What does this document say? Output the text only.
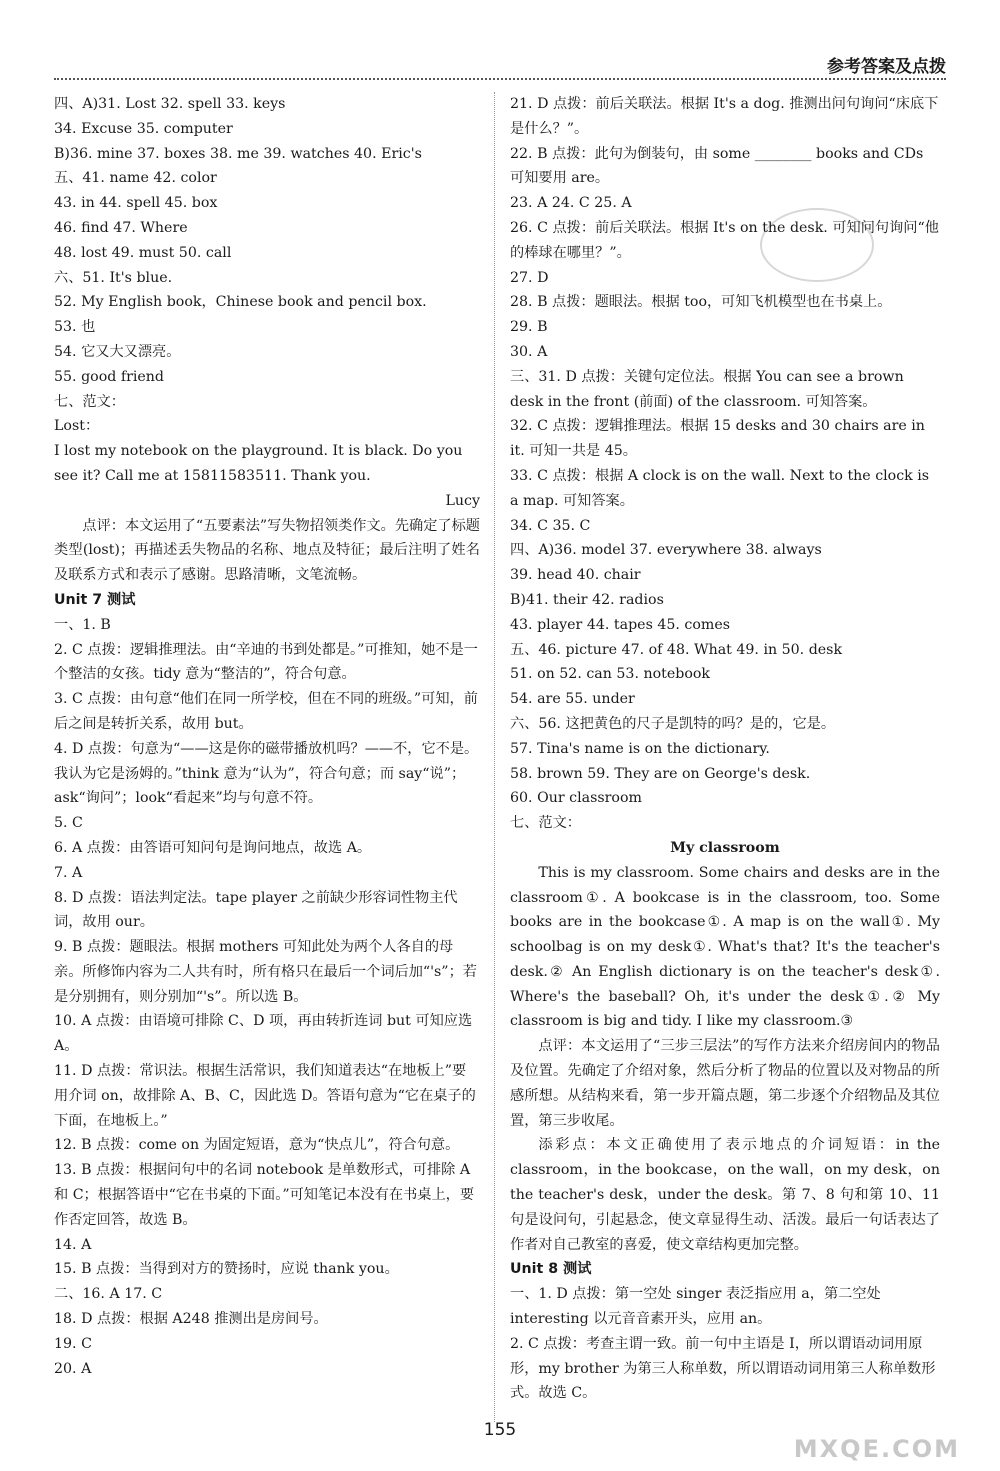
参考答案及点拨

四、A)31. Lost 32. spell 33. keys

34. Excuse 35. computer

B)36. mine 37. boxes 38. me 39. watches 40. Eric's

五、41. name 42. color

43. in 44. spell 45. box

46. find 47. Where

48. lost 49. must 50. call

六、51. It's blue.

52. My English book，Chinese book and pencil box.

53. 也

54. 它又大又漂亮。

55. good friend

七、范文：

Lost：

I lost my notebook on the playground. It is black. Do you see it? Call me at 15811583511. Thank you.

Lucy

点评：本文运用了“五要素法”写失物招领类作文。先确定了标题类型(lost)；再描述丢失物品的名称、地点及特征；最后注明了姓名及联系方式和表示了感谢。思路清晰，文笔流畅。

Unit 7 测试

一、1. B

2. C 点拨：逻辑推理法。由“辛迪的书到处都是。”可推知，她不是一个整洁的女孩。tidy 意为“整洁的”，符合句意。

3. C 点拨：由句意“他们在同一所学校，但在不同的班级。”可知，前后之间是转折关系，故用 but。

4. D 点拨：句意为“——这是你的磁带播放机吗？——不，它不是。我认为它是汤姆的。”think 意为“认为”，符合句意；而 say“说”；ask“询问”；look“看起来”均与句意不符。

5. C

6. A 点拨：由答语可知问句是询问地点，故选 A。

7. A

8. D 点拨：语法判定法。tape player 之前缺少形容词性物主代词，故用 our。

9. B 点拨：题眼法。根据 mothers 可知此处为两个人各自的母亲。所修饰内容为二人共有时，所有格只在最后一个词后加“'s”；若是分别拥有，则分别加“'s”。所以选 B。

10. A 点拨：由语境可排除 C、D 项，再由转折连词 but 可知应选 A。

11. D 点拨：常识法。根据生活常识，我们知道表达“在地板上”要用介词 on，故排除 A、B、C，因此选 D。答语句意为“它在桌子的下面，在地板上。”

12. B 点拨：come on 为固定短语，意为“快点儿”，符合句意。

13. B 点拨：根据问句中的名词 notebook 是单数形式，可排除 A 和 C；根据答语中“它在书桌的下面。”可知笔记本没有在书桌上，要作否定回答，故选 B。

14. A

15. B 点拨：当得到对方的赞扬时，应说 thank you。

二、16. A 17. C

18. D 点拨：根据 A248 推测出是房间号。

19. C

20. A

21. D 点拨：前后关联法。根据 It's a dog. 推测出问句询问“床底下是什么？”。

22. B 点拨：此句为倒装句，由 some ________ books and CDs 可知要用 are。

23. A 24. C 25. A

26. C 点拨：前后关联法。根据 It's on the desk. 可知问句询问“他的棒球在哪里？”。

27. D

28. B 点拨：题眼法。根据 too，可知飞机模型也在书桌上。

29. B

30. A

三、31. D 点拨：关键句定位法。根据 You can see a brown desk in the front (前面) of the classroom. 可知答案。

32. C 点拨：逻辑推理法。根据 15 desks and 30 chairs are in it. 可知一共是 45。

33. C 点拨：根据 A clock is on the wall. Next to the clock is a map. 可知答案。

34. C 35. C

四、A)36. model 37. everywhere 38. always

39. head 40. chair

B)41. their 42. radios

43. player 44. tapes 45. comes

五、46. picture 47. of 48. What 49. in 50. desk

51. on 52. can 53. notebook

54. are 55. under

六、56. 这把黄色的尺子是凯特的吗？是的，它是。

57. Tina's name is on the dictionary.

58. brown 59. They are on George's desk.

60. Our classroom

七、范文：

My classroom

This is my classroom. Some chairs and desks are in the classroom①. A bookcase is in the classroom, too. Some books are in the bookcase①. A map is on the wall①. My schoolbag is on my desk①. What's that? It's the teacher's desk.② An English dictionary is on the teacher's desk①. Where's the baseball? Oh, it's under the desk①.② My classroom is big and tidy. I like my classroom.③

点评：本文运用了“三步三层法”的写作方法来介绍房间内的物品及位置。先确定了介绍对象，然后分析了物品的位置以及对物品的所感所想。从结构来看，第一步开篇点题，第二步逐个介绍物品及其位置，第三步收尾。

添彩点：本文正确使用了表示地点的介词短语：in the classroom，in the bookcase，on the wall，on my desk，on the teacher's desk，under the desk。第 7、8 句和第 10、11 句是设问句，引起悬念，使文章显得生动、活泼。最后一句话表达了作者对自己教室的喜爱，使文章结构更加完整。

Unit 8 测试

一、1. D 点拨：第一空处 singer 表泛指应用 a，第二空处 interesting 以元音音素开头，应用 an。

2. C 点拨：考查主谓一致。前一句中主语是 I，所以谓语动词用原形，my brother 为第三人称单数，所以谓语动词用第三人称单数形式。故选 C。

155
MXQE.COM
